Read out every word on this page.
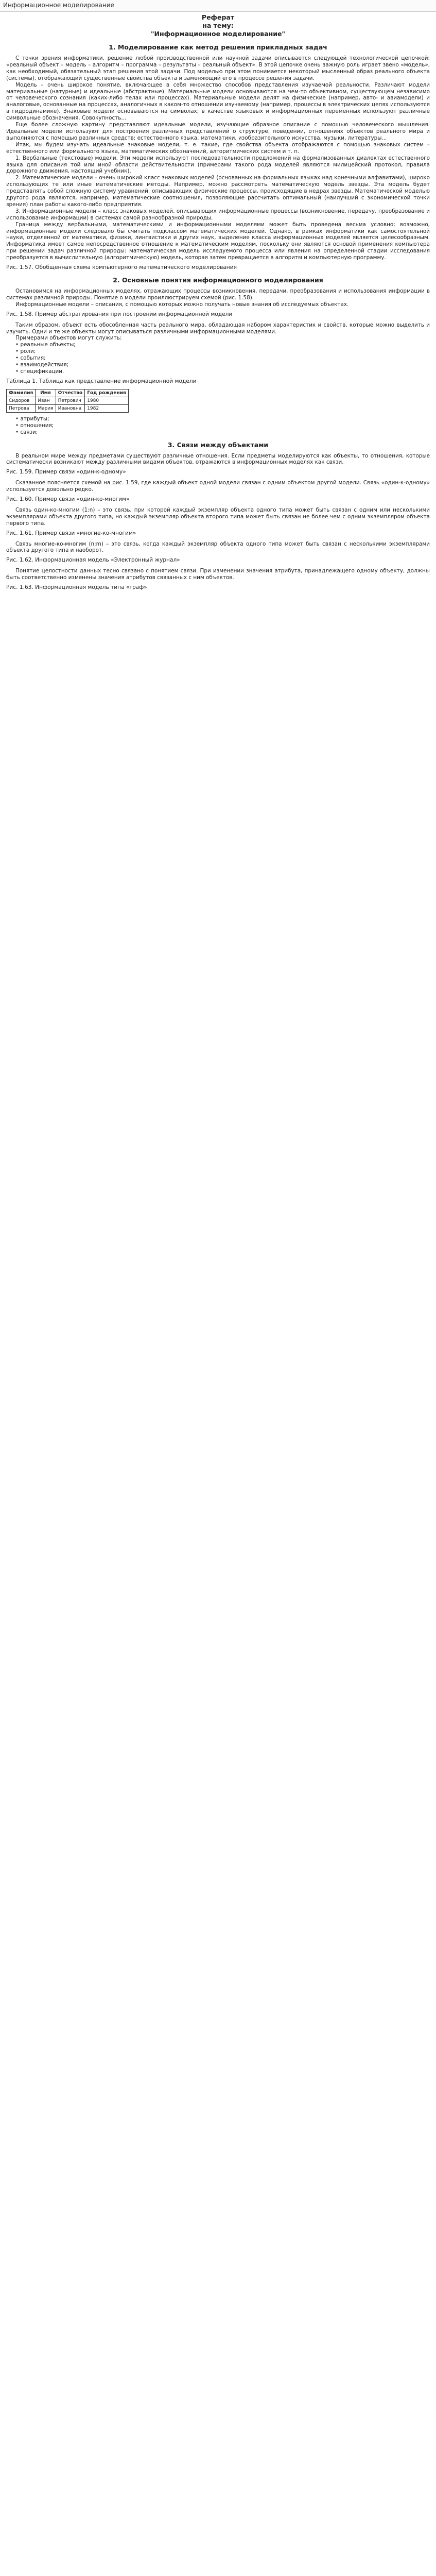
Информационное моделирование
Реферат
на тему:
"Информационное моделирование"
1. Моделирование как метод решения прикладных задач

С точки зрения информатики, решение любой производственной или научной задачи описывается следующей технологической цепочкой: «реальный объект – модель – алгоритм – программа – результаты – реальный объект». В этой цепочке очень важную роль играет звено «модель», как необходимый, обязательный этап решения этой задачи. Под моделью при этом понимается некоторый мысленный образ реального объекта (системы), отображающий существенные свойства объекта и заменяющий его в процессе решения задачи.

Модель – очень широкое понятие, включающее в себя множество способов представления изучаемой реальности. Различают модели материальные (натурные) и идеальные (абстрактные). Материальные модели основываются на чем-то объективном, существующем независимо от человеческого сознания (каких-либо телах или процессах). Материальные модели делят на физические (например, авто- и авиамодели) и аналоговые, основанные на процессах, аналогичных в каком-то отношении изучаемому (например, процессы в электрических цепях используются в гидродинамике). Знаковые модели основываются на символах; в качестве языковых и информационных переменных используют различные символьные обозначения. Совокупность...

Еще более сложную картину представляют идеальные модели, изучающие образное описание с помощью человеческого мышления. Идеальные модели используют для построения различных представлений о структуре, поведении, отношениях объектов реального мира и выполняются с помощью различных средств: естественного языка, математики, изобразительного искусства, музыки, литературы...

Итак, мы будем изучать идеальные знаковые модели, т. е. такие, где свойства объекта отображаются с помощью знаковых систем – естественного или формального языка, математических обозначений, алгоритмических систем и т. п.

1. Вербальные (текстовые) модели. Эти модели используют последовательности предложений на формализованных диалектах естественного языка для описания той или иной области действительности (примерами такого рода моделей являются милицейский протокол, правила дорожного движения, настоящий учебник).

2. Математические модели – очень широкий класс знаковых моделей (основанных на формальных языках над конечными алфавитами), широко использующих те или иные математические методы. Например, можно рассмотреть математическую модель звезды. Эта модель будет представлять собой сложную систему уравнений, описывающих физические процессы, происходящие в недрах звезды. Математической моделью другого рода являются, например, математические соотношения, позволяющие рассчитать оптимальный (наилучший с экономической точки зрения) план работы какого-либо предприятия.

3. Информационные модели – класс знаковых моделей, описывающих информационные процессы (возникновение, передачу, преобразование и использование информации) в системах самой разнообразной природы.

Граница между вербальными, математическими и информационными моделями может быть проведена весьма условно; возможно, информационные модели следовало бы считать подклассом математических моделей. Однако, в рамках информатики как самостоятельной науки, отделенной от математики, физики, лингвистики и других наук, выделение класса информационных моделей является целесообразным. Информатика имеет самое непосредственное отношение к математическим моделям, поскольку они являются основой применения компьютера при решении задач различной природы: математическая модель исследуемого процесса или явления на определенной стадии исследования преобразуется в вычислительную (алгоритмическую) модель, которая затем превращается в алгоритм и компьютерную программу.

Рис. 1.57. Обобщенная схема компьютерного математического моделирования

2. Основные понятия информационного моделирования

Остановимся на информационных моделях, отражающих процессы возникновения, передачи, преобразования и использования информации в системах различной природы. Понятие о модели проиллюстрируем схемой (рис. 1.58).

Информационные модели – описания, с помощью которых можно получать новые знания об исследуемых объектах.

Рис. 1.58. Пример абстрагирования при построении информационной модели

Таким образом, объект есть обособленная часть реального мира, обладающая набором характеристик и свойств, которые можно выделить и изучить. Одни и те же объекты могут описываться различными информационными моделями.

Примерами объектов могут служить:

• реальные объекты;

• роли;

• события;

• взаимодействия;

• спецификации.

Таблица 1. Таблица как представление информационной модели

Фамилия	Имя	Отчество	Год рождения
Сидоров	Иван	Петрович	1980
Петрова	Мария	Ивановна	1982

• атрибуты;

• отношения;

• связи;

3. Связи между объектами

В реальном мире между предметами существуют различные отношения. Если предметы моделируются как объекты, то отношения, которые систематически возникают между различными видами объектов, отражаются в информационных моделях как связи.

Рис. 1.59. Пример связи «один-к-одному»

Сказанное поясняется схемой на рис. 1.59, где каждый объект одной модели связан с одним объектом другой модели. Связь «один-к-одному» используется довольно редко.

Рис. 1.60. Пример связи «один-ко-многим»

Связь один-ко-многим (1:n) – это связь, при которой каждый экземпляр объекта одного типа может быть связан с одним или несколькими экземплярами объекта другого типа, но каждый экземпляр объекта второго типа может быть связан не более чем с одним экземпляром объекта первого типа.

Рис. 1.61. Пример связи «многие-ко-многим»

Связь многие-ко-многим (n:m) – это связь, когда каждый экземпляр объекта одного типа может быть связан с несколькими экземплярами объекта другого типа и наоборот.

Рис. 1.62. Информационная модель «Электронный журнал»

Понятие целостности данных тесно связано с понятием связи. При изменении значения атрибута, принадлежащего одному объекту, должны быть соответственно изменены значения атрибутов связанных с ним объектов.

Рис. 1.63. Информационная модель типа «граф»
